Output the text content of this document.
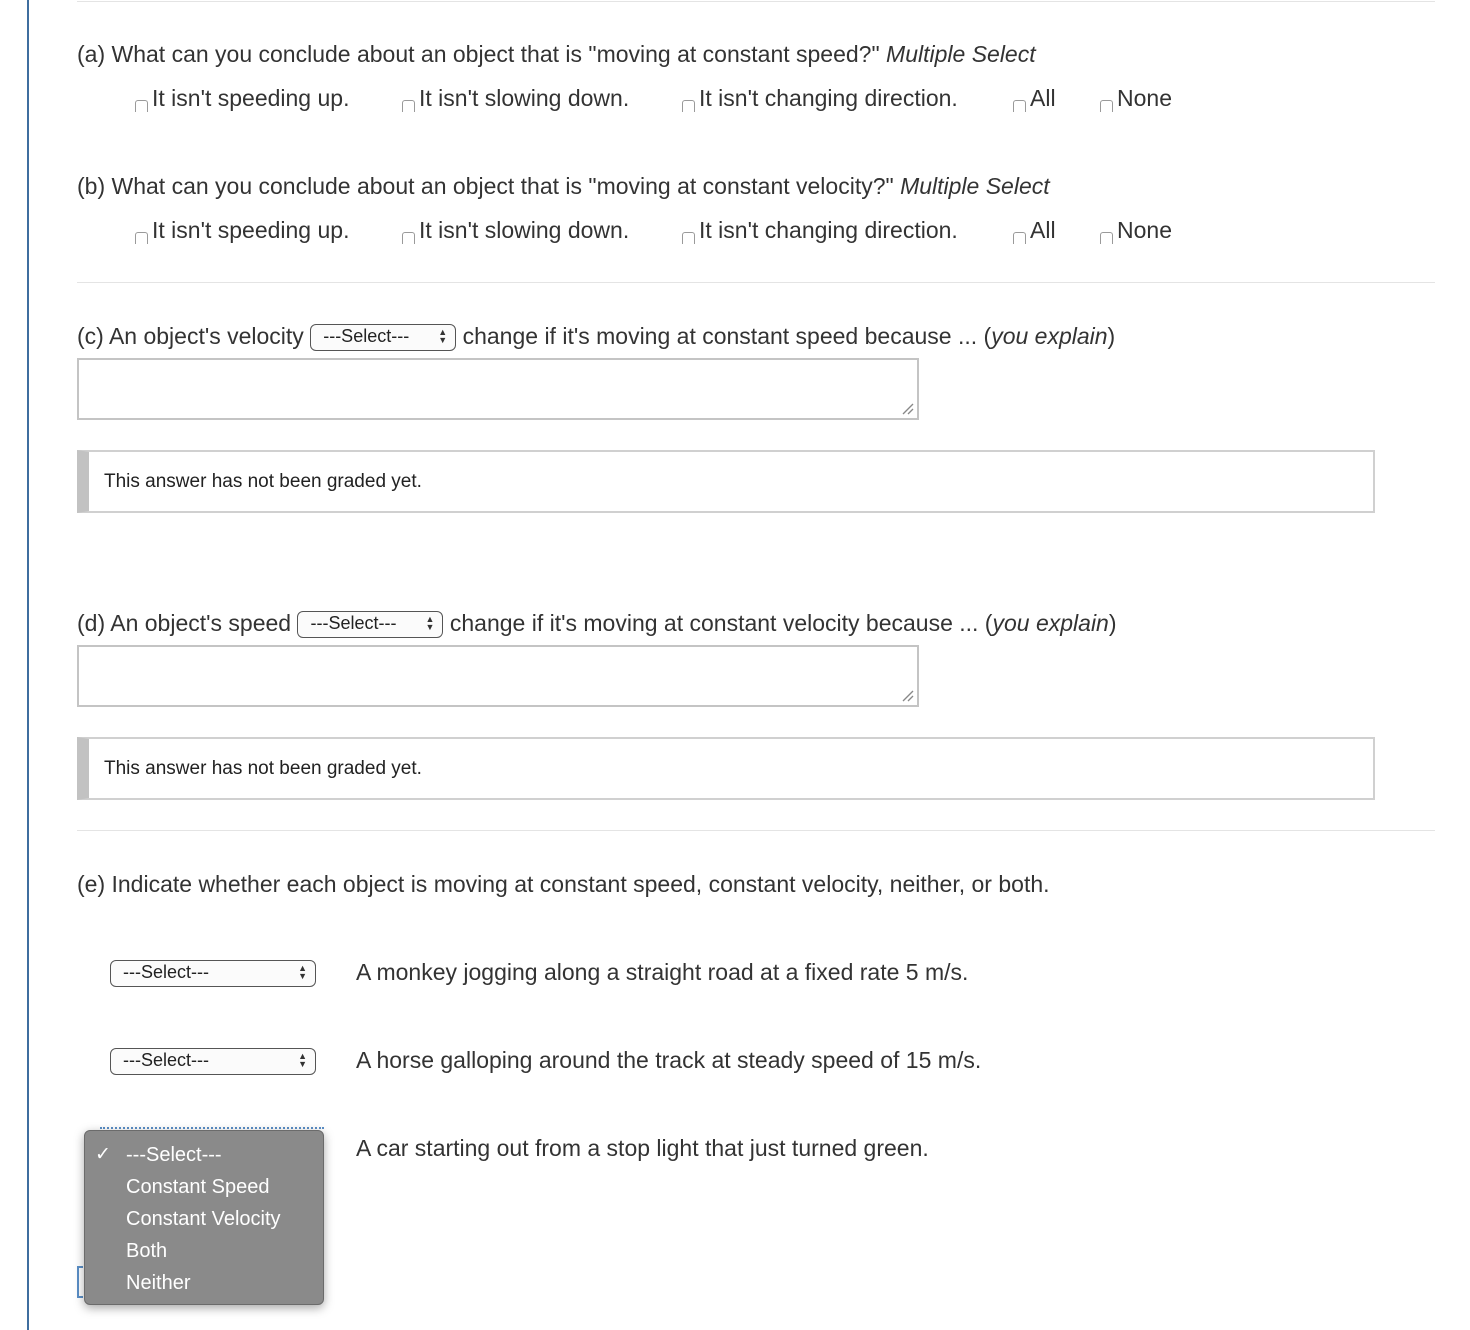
(a) What can you conclude about an object that is "moving at constant speed?" Multiple Select
It isn't speeding up.	It isn't slowing down.	It isn't changing direction.	All	None
(b) What can you conclude about an object that is "moving at constant velocity?" Multiple Select
It isn't speeding up.	It isn't slowing down.	It isn't changing direction.	All	None
(c) An object's velocity ---Select---	▲
▼ change if it's moving at constant speed because ... (you explain)
This answer has not been graded yet.
(d) An object's speed ---Select---	▲
▼ change if it's moving at constant velocity because ... (you explain)
This answer has not been graded yet.
(e) Indicate whether each object is moving at constant speed, constant velocity, neither, or both.
---Select---	▲
▼ A monkey jogging along a straight road at a fixed rate 5 m/s.
---Select---	▲
▼ A horse galloping around the track at steady speed of 15 m/s.
A car starting out from a stop light that just turned green.
✓ ---Select---
Constant Speed
Constant Velocity
Both
Neither
